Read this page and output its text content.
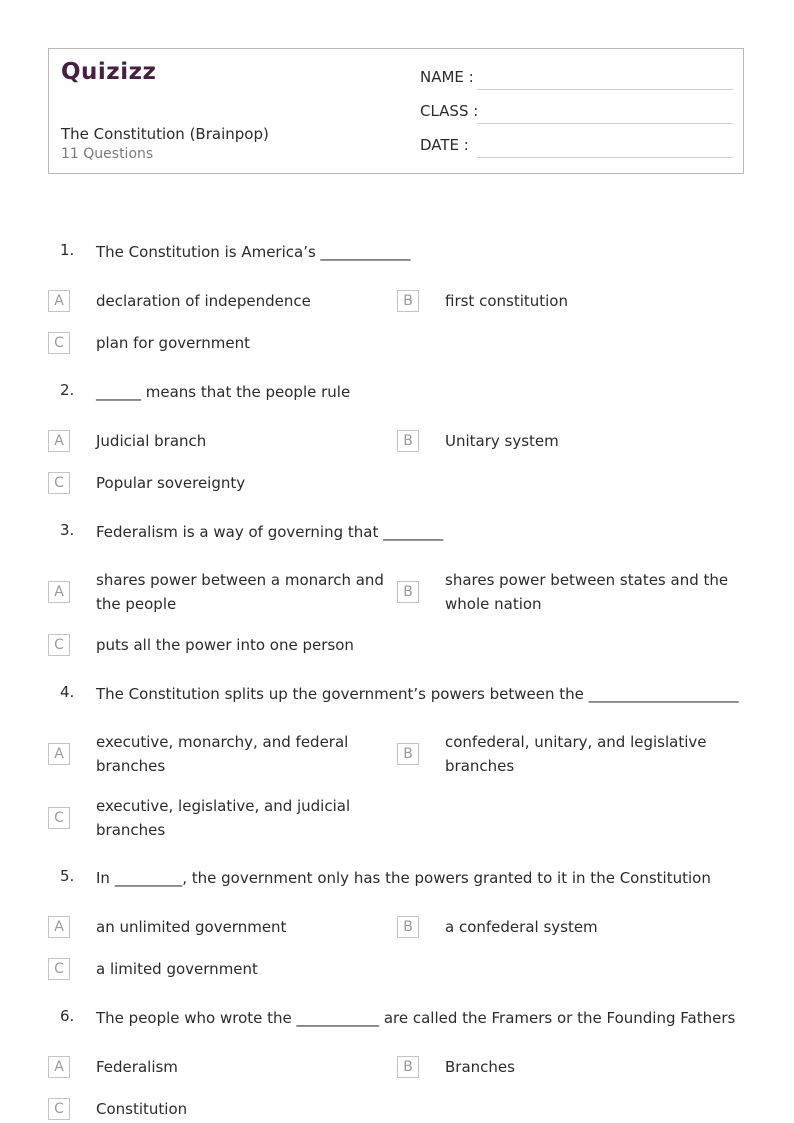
Quizizz
The Constitution (Brainpop)
11 Questions
NAME :
CLASS :
DATE :
1. The Constitution is America’s ____________
A	declaration of independence	B	first constitution
C	plan for government
2. ______ means that the people rule
A	Judicial branch	B	Unitary system
C	Popular sovereignty
3. Federalism is a way of governing that ________
A
shares power between a monarch and the people
B
shares power between states and the whole nation
C	puts all the power into one person
4. The Constitution splits up the government’s powers between the ____________________
A
executive, monarchy, and federal branches
B
confederal, unitary, and legislative branches
C
executive, legislative, and judicial branches
5. In _________, the government only has the powers granted to it in the Constitution
A	an unlimited government	B	a confederal system
C	a limited government
6. The people who wrote the ___________ are called the Framers or the Founding Fathers
A	Federalism	B	Branches
C	Constitution
